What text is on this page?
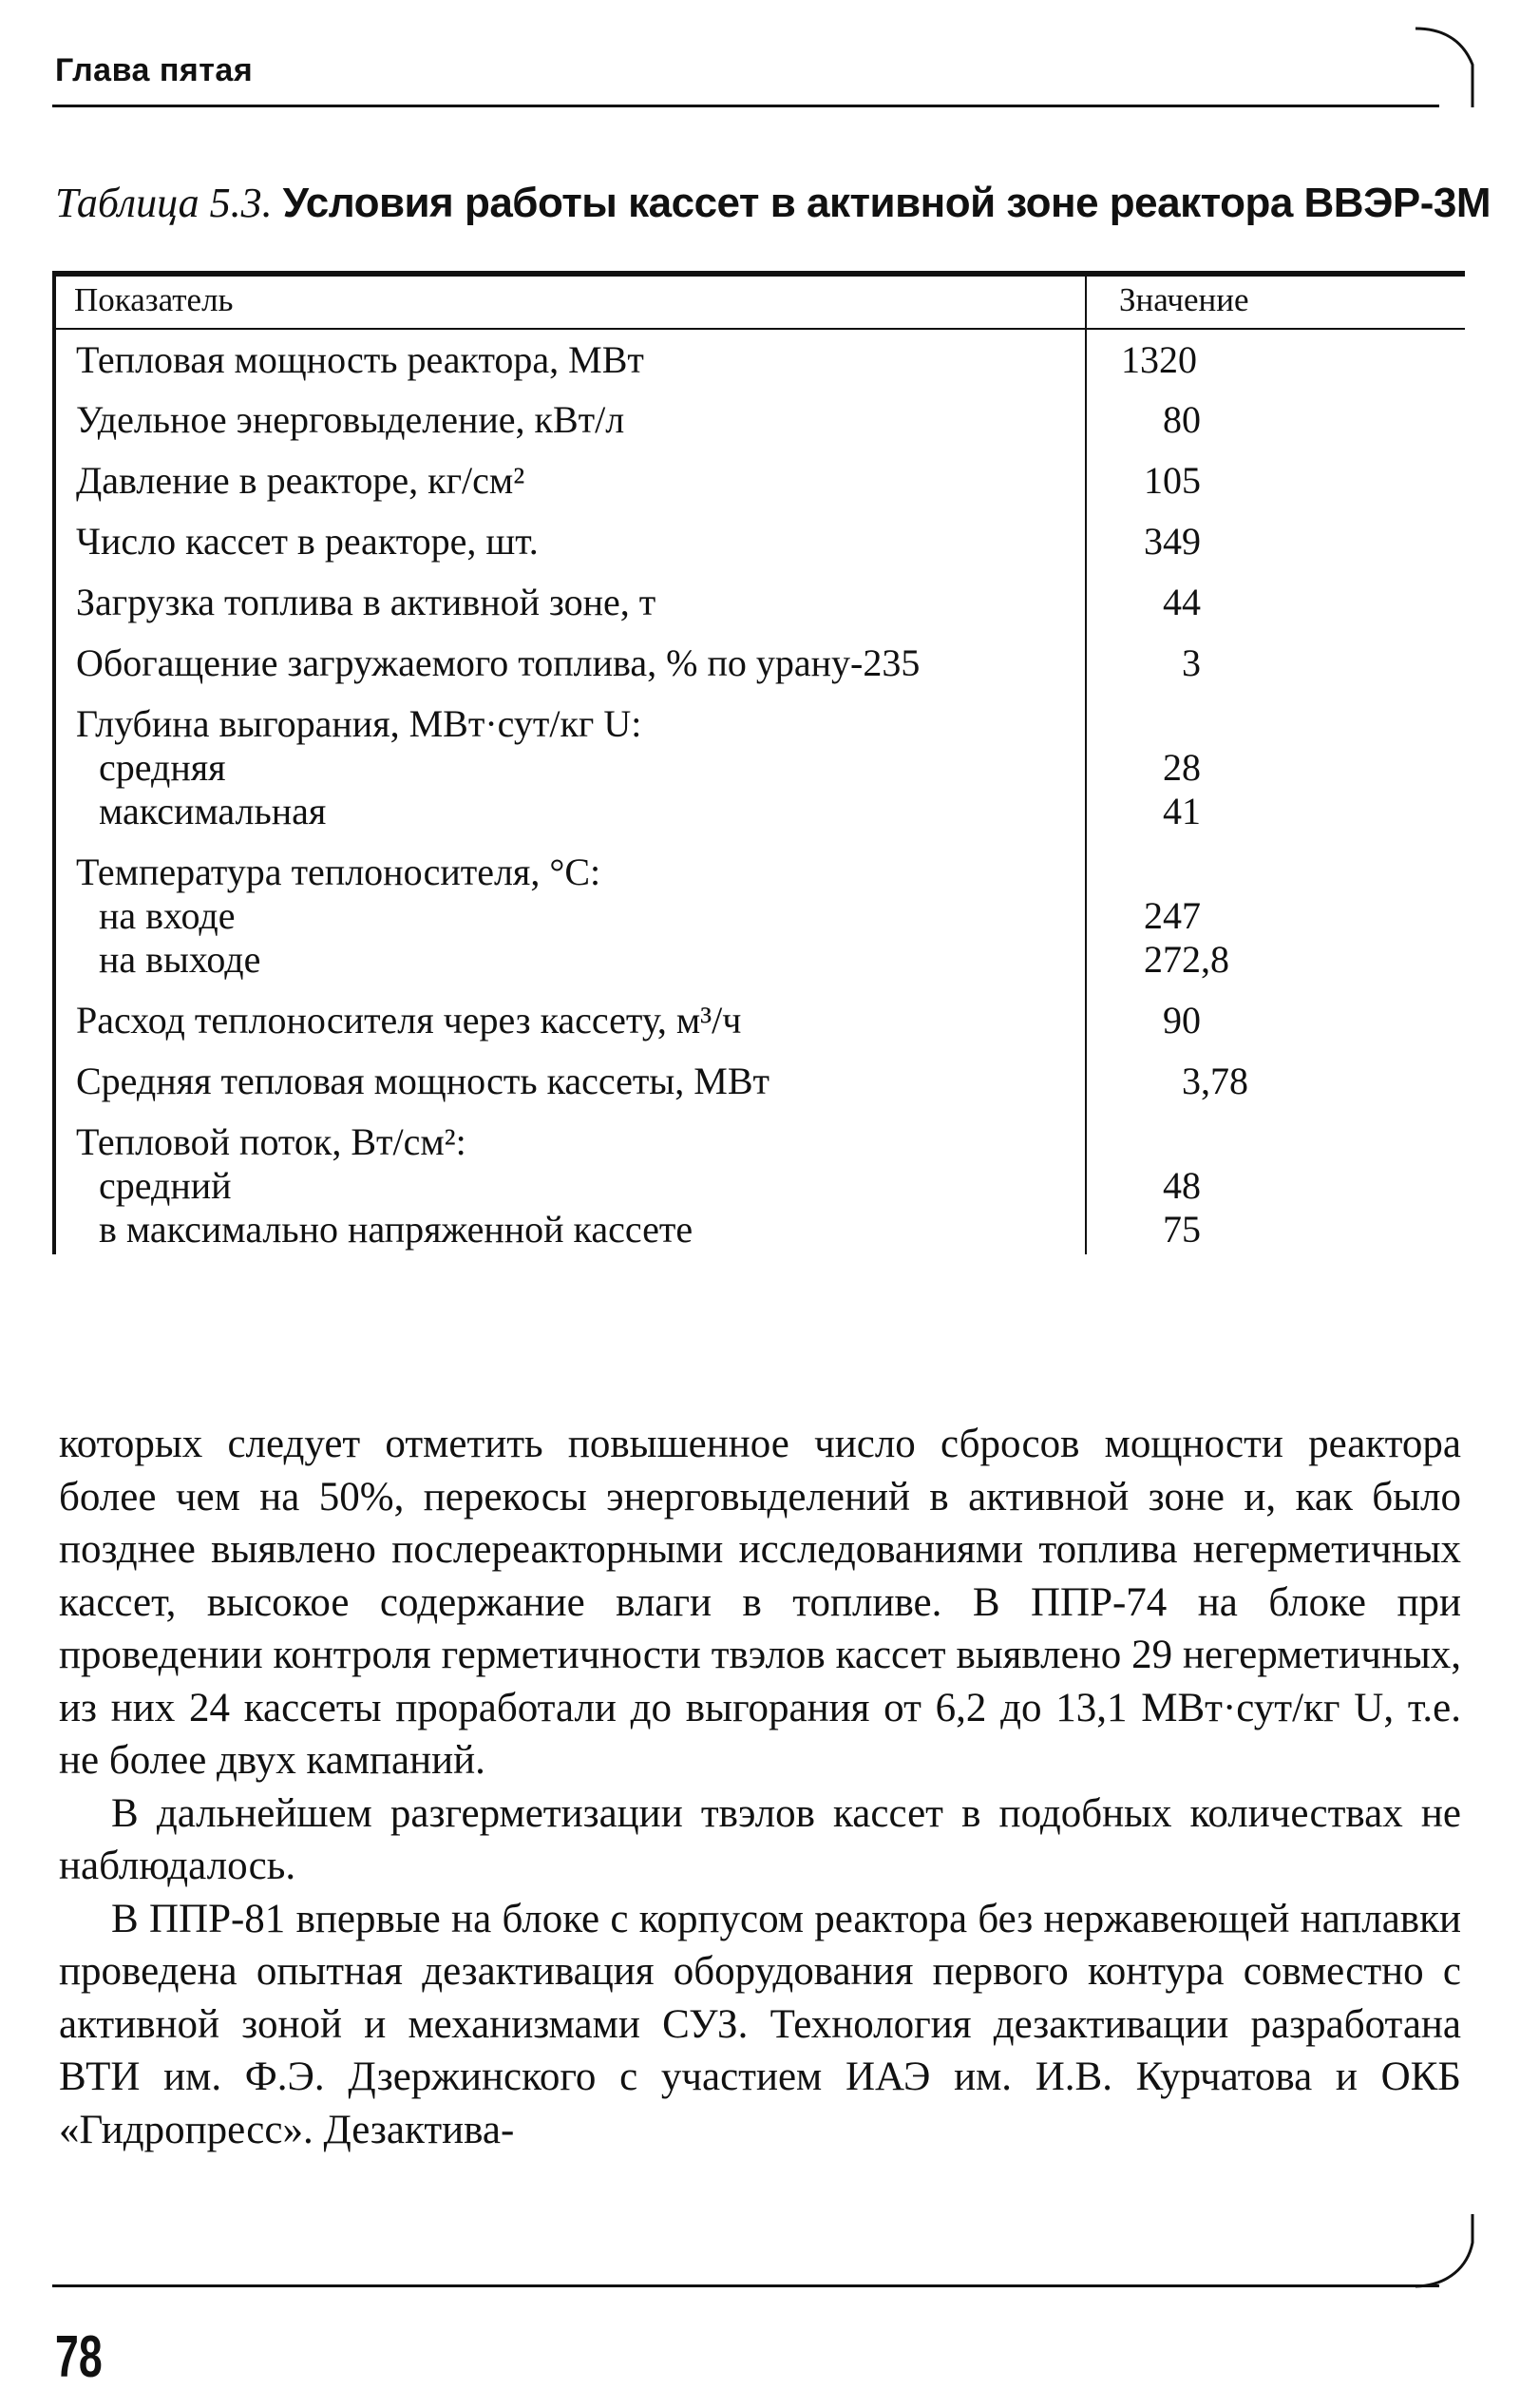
Глава пятая
Таблица 5.3. Условия работы кассет в активной зоне реактора ВВЭР-3М
Показатель	Значение
Тепловая мощность реактора, МВт	1320
Удельное энерговыделение, кВт/л	80
Давление в реакторе, кг/см²	105
Число кассет в реакторе, шт.	349
Загрузка топлива в активной зоне, т	44
Обогащение загружаемого топлива, % по урану-235	3
Глубина выгорания, МВт·сут/кг U:
средняя	28
максимальная	41
Температура теплоносителя, °С:
на входе	247
на выходе	272,8
Расход теплоносителя через кассету, м³/ч	90
Средняя тепловая мощность кассеты, МВт	3,78
Тепловой поток, Вт/см²:
средний	48
в максимально напряженной кассете	75

которых следует отметить повышенное число сбросов мощности реактора более чем на 50%, перекосы энерговыделений в активной зоне и, как было позднее выявлено послереакторными исследованиями топлива негерметичных кассет, высокое содержание влаги в топливе. В ППР-74 на блоке при проведении контроля герметичности твэлов кассет выявлено 29 негерметичных, из них 24 кассеты проработали до выгорания от 6,2 до 13,1 МВт·сут/кг U, т.е. не более двух кампаний.

В дальнейшем разгерметизации твэлов кассет в подобных количествах не наблюдалось.

В ППР-81 впервые на блоке с корпусом реактора без нержавеющей наплавки проведена опытная дезактивация оборудования первого контура совместно с активной зоной и механизмами СУЗ. Технология дезактивации разработана ВТИ им. Ф.Э. Дзержинского с участием ИАЭ им. И.В. Курчатова и ОКБ «Гидропресс». Дезактива-

78
